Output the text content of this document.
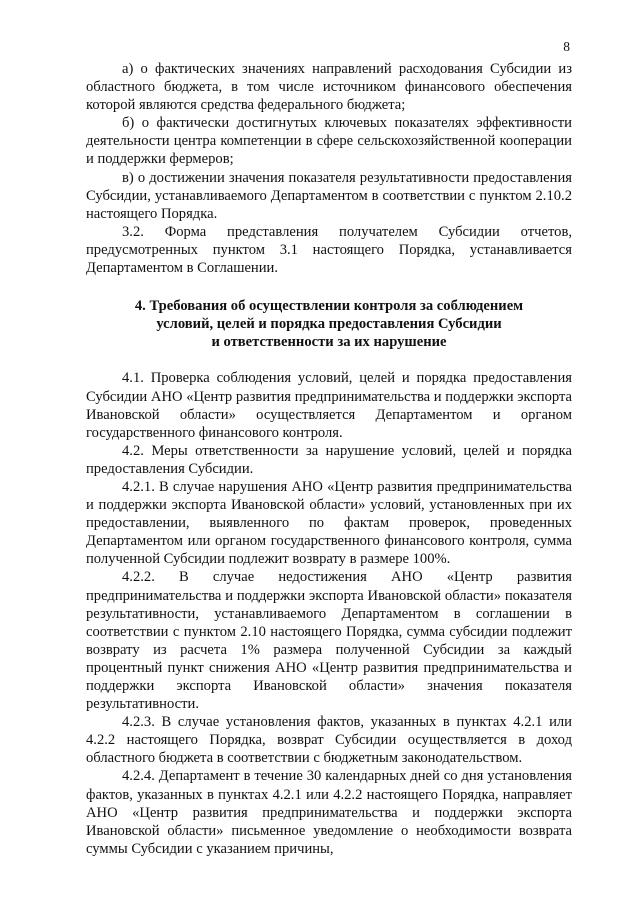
8

а) о фактических значениях направлений расходования Субсидии из областного бюджета, в том числе источником финансового обеспечения которой являются средства федерального бюджета;

б) о фактически достигнутых ключевых показателях эффективности деятельности центра компетенции в сфере сельскохозяйственной кооперации и поддержки фермеров;

в) о достижении значения показателя результативности предоставления Субсидии, устанавливаемого Департаментом в соответствии с пунктом 2.10.2 настоящего Порядка.

3.2. Форма представления получателем Субсидии отчетов, предусмотренных пунктом 3.1 настоящего Порядка, устанавливается Департаментом в Соглашении.

4. Требования об осуществлении контроля за соблюдением
условий, целей и порядка предоставления Субсидии
и ответственности за их нарушение

4.1. Проверка соблюдения условий, целей и порядка предоставления Субсидии АНО «Центр развития предпринимательства и поддержки экспорта Ивановской области» осуществляется Департаментом и органом государственного финансового контроля.

4.2. Меры ответственности за нарушение условий, целей и порядка предоставления Субсидии.

4.2.1. В случае нарушения АНО «Центр развития предпринимательства и поддержки экспорта Ивановской области» условий, установленных при их предоставлении, выявленного по фактам проверок, проведенных Департаментом или органом государственного финансового контроля, сумма полученной Субсидии подлежит возврату в размере 100%.

4.2.2. В случае недостижения АНО «Центр развития предпринимательства и поддержки экспорта Ивановской области» показателя результативности, устанавливаемого Департаментом в соглашении в соответствии с пунктом 2.10 настоящего Порядка, сумма субсидии подлежит возврату из расчета 1% размера полученной Субсидии за каждый процентный пункт снижения АНО «Центр развития предпринимательства и поддержки экспорта Ивановской области» значения показателя результативности.

4.2.3. В случае установления фактов, указанных в пунктах 4.2.1 или 4.2.2 настоящего Порядка, возврат Субсидии осуществляется в доход областного бюджета в соответствии с бюджетным законодательством.

4.2.4. Департамент в течение 30 календарных дней со дня установления фактов, указанных в пунктах 4.2.1 или 4.2.2 настоящего Порядка, направляет АНО «Центр развития предпринимательства и поддержки экспорта Ивановской области» письменное уведомление о необходимости возврата суммы Субсидии с указанием причины,
